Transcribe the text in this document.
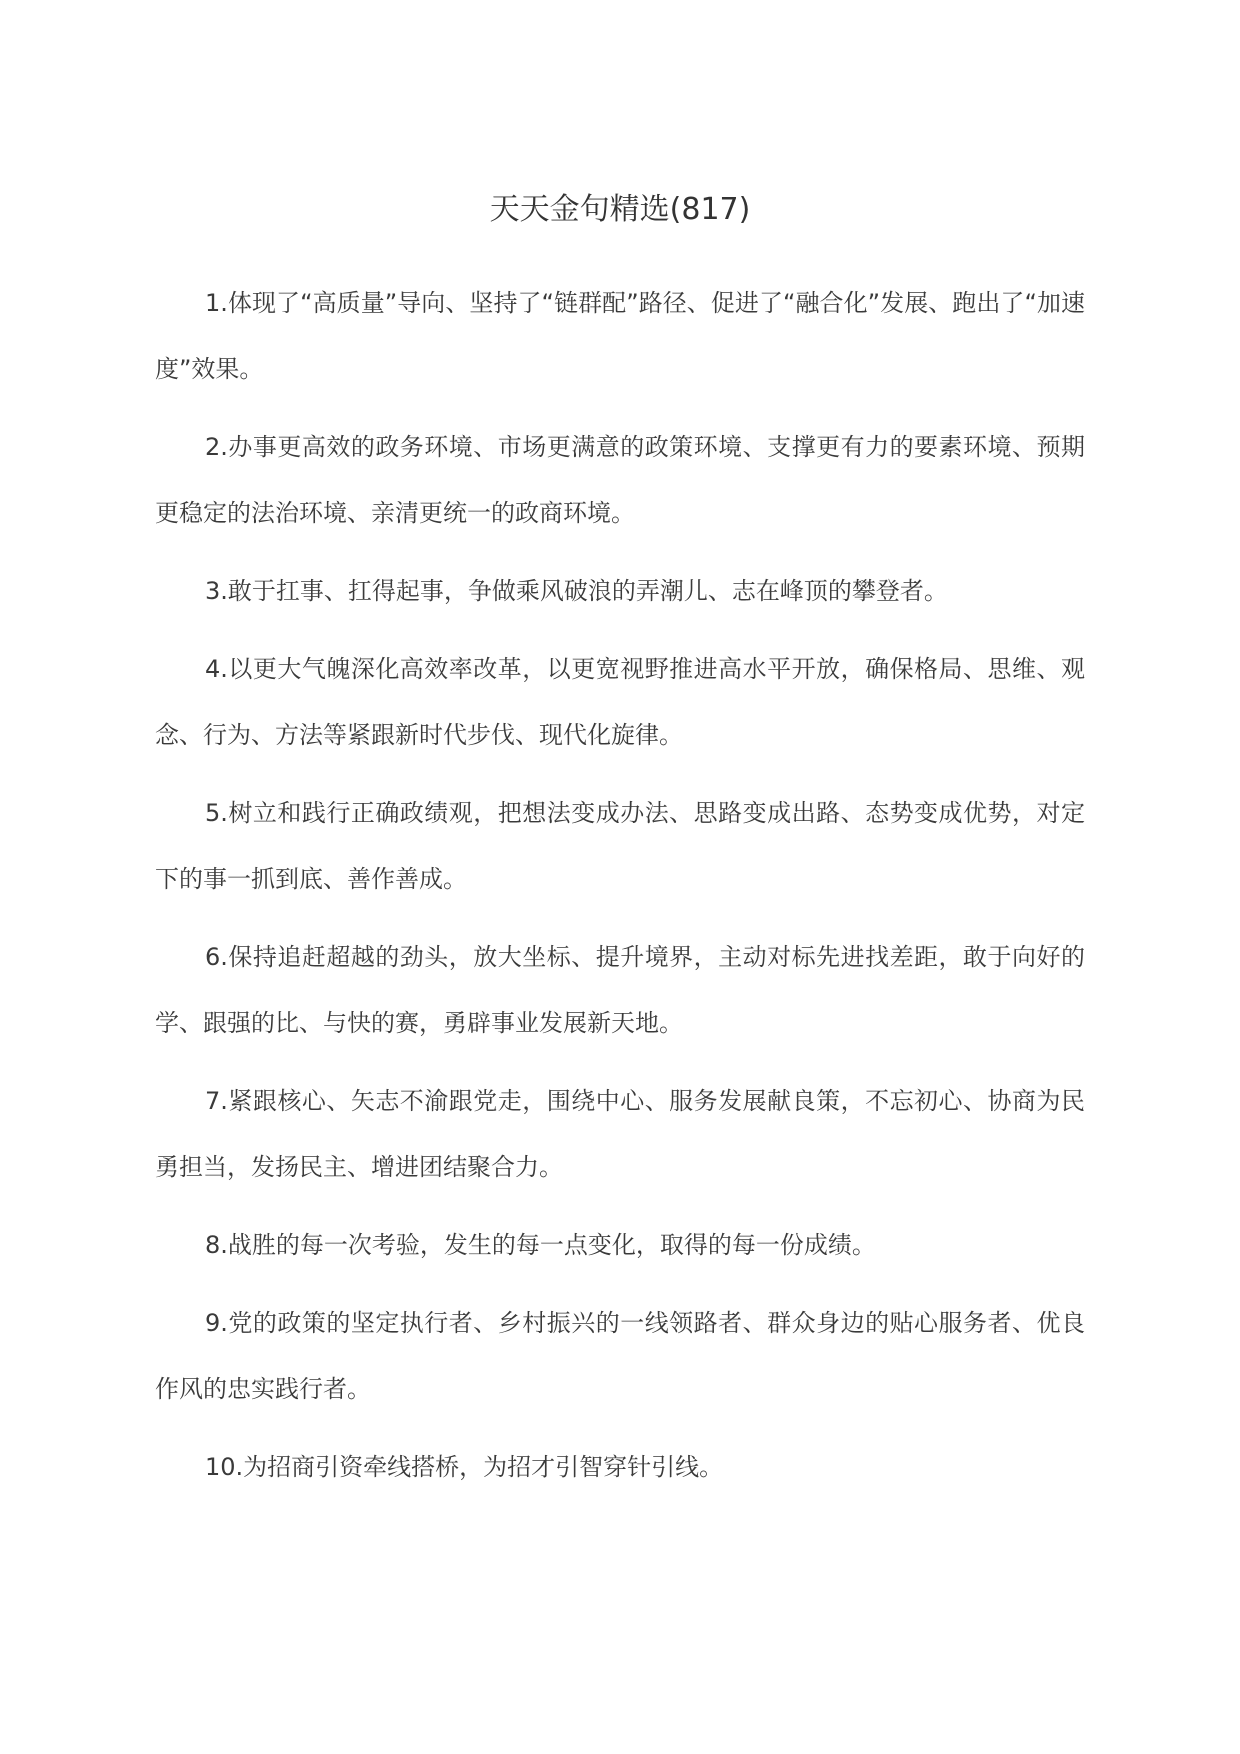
天天金句精选(817)

1.体现了“高质量”导向、坚持了“链群配”路径、促进了“融合化”发展、跑出了“加速度”效果。

2.办事更高效的政务环境、市场更满意的政策环境、支撑更有力的要素环境、预期更稳定的法治环境、亲清更统一的政商环境。

3.敢于扛事、扛得起事，争做乘风破浪的弄潮儿、志在峰顶的攀登者。

4.以更大气魄深化高效率改革，以更宽视野推进高水平开放，确保格局、思维、观念、行为、方法等紧跟新时代步伐、现代化旋律。

5.树立和践行正确政绩观，把想法变成办法、思路变成出路、态势变成优势，对定下的事一抓到底、善作善成。

6.保持追赶超越的劲头，放大坐标、提升境界，主动对标先进找差距，敢于向好的学、跟强的比、与快的赛，勇辟事业发展新天地。

7.紧跟核心、矢志不渝跟党走，围绕中心、服务发展献良策，不忘初心、协商为民勇担当，发扬民主、增进团结聚合力。

8.战胜的每一次考验，发生的每一点变化，取得的每一份成绩。

9.党的政策的坚定执行者、乡村振兴的一线领路者、群众身边的贴心服务者、优良作风的忠实践行者。

10.为招商引资牵线搭桥，为招才引智穿针引线。
